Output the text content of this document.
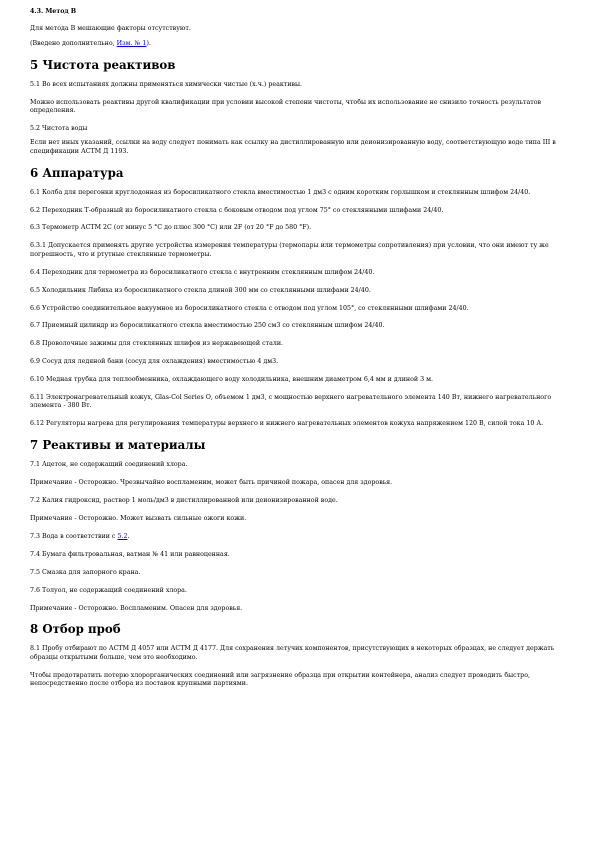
4.3. Метод B
Для метода B мешающие факторы отсутствуют.
(Введено дополнительно, Изм. № 1).
5 Чистота реактивов
5.1 Во всех испытаниях должны применяться химически чистые (х.ч.) реактивы.
Можно использовать реактивы другой квалификации при условии высокой степени чистоты, чтобы их использование не снизило точность результатов определения.
5.2 Чистота воды
Если нет иных указаний, ссылки на воду следует понимать как ссылку на дистиллированную или деионизированную воду, соответствующую воде типа III в спецификации АСТМ Д 1193.
6 Аппаратура
6.1 Колба для перегонки круглодонная из боросиликатного стекла вместимостью 1 дм3 с одним коротким горлышком и стеклянным шлифом 24/40.
6.2 Переходник Т-образный из боросиликатного стекла с боковым отводом под углом 75° со стеклянными шлифами 24/40.
6.3 Термометр АСТМ 2С (от минус 5 °С до плюс 300 °С) или 2F (от 20 °F до 580 °F).
6.3.1 Допускается применять другие устройства измерения температуры (термопары или термометры сопротивления) при условии, что они имеют ту же погрешность, что и ртутные стеклянные термометры.
6.4 Переходник для термометра из боросиликатного стекла с внутренним стеклянным шлифом 24/40.
6.5 Холодильник Либиха из боросиликатного стекла длиной 300 мм со стеклянными шлифами 24/40.
6.6 Устройство соединительное вакуумное из боросиликатного стекла с отводом под углом 105°, со стеклянными шлифами 24/40.
6.7 Приемный цилиндр из боросиликатного стекла вместимостью 250 см3 со стеклянным шлифом 24/40.
6.8 Проволочные зажимы для стеклянных шлифов из нержавеющей стали.
6.9 Сосуд для ледяной бани (сосуд для охлаждения) вместимостью 4 дм3.
6.10 Медная трубка для теплообменника, охлаждающего воду холодильника, внешним диаметром 6,4 мм и длиной 3 м.
6.11 Электронагревательный кожух, Glas-Col Series О, объемом 1 дм3, с мощностью верхнего нагревательного элемента 140 Вт, нижнего нагревательного элемента - 380 Вт.
6.12 Регуляторы нагрева для регулирования температуры верхнего и нижнего нагревательных элементов кожуха напряжением 120 В, силой тока 10 А.
7 Реактивы и материалы
7.1 Ацетон, не содержащий соединений хлора.
Примечание - Осторожно. Чрезвычайно воспламеним, может быть причиной пожара, опасен для здоровья.
7.2 Калия гидроксид, раствор 1 моль/дм3 в дистиллированной или деионизированной воде.
Примечание - Осторожно. Может вызвать сильные ожоги кожи.
7.3 Вода в соответствии с 5.2.
7.4 Бумага фильтровальная, ватман № 41 или равноценная.
7.5 Смазка для запорного крана.
7.6 Толуол, не содержащий соединений хлора.
Примечание - Осторожно. Воспламеним. Опасен для здоровья.
8 Отбор проб
8.1 Пробу отбирают по АСТМ Д 4057 или АСТМ Д 4177. Для сохранения летучих компонентов, присутствующих в некоторых образцах, не следует держать образцы открытыми больше, чем это необходимо.
Чтобы предотвратить потерю хлорорганических соединений или загрязнение образца при открытии контейнера, анализ следует проводить быстро, непосредственно после отбора из поставок крупными партиями.
